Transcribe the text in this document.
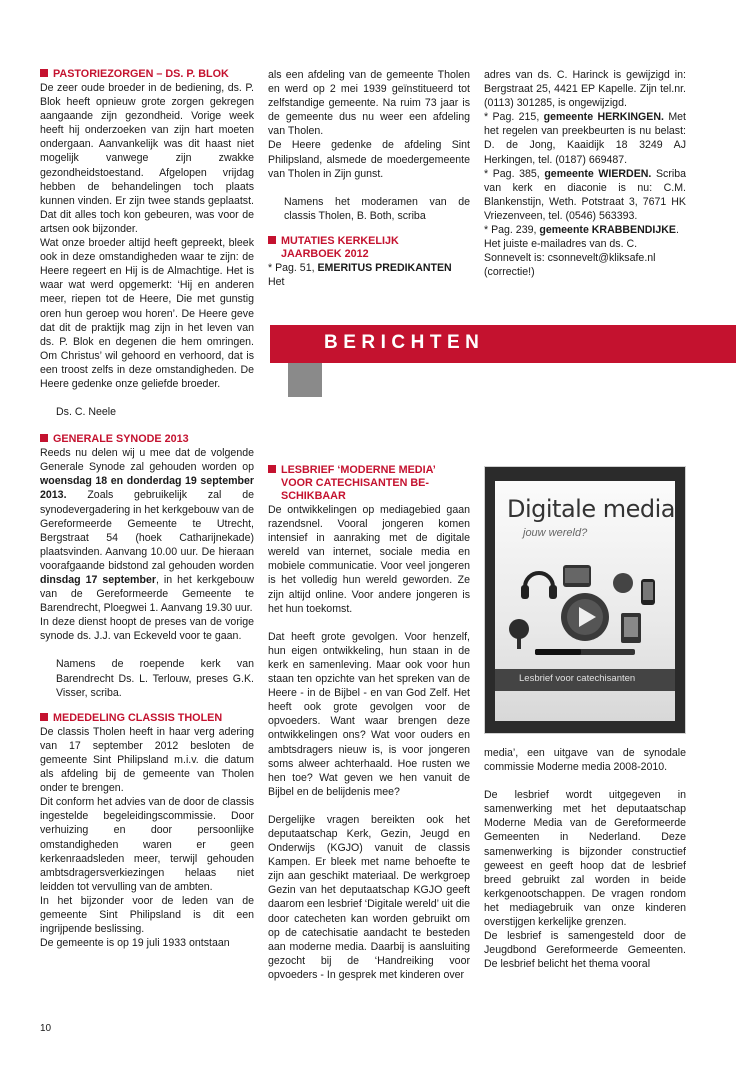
PASTORIEZORGEN – DS. P. BLOK

De zeer oude broeder in de bediening, ds. P. Blok heeft opnieuw grote zorgen gekregen aangaande zijn gezondheid. Vorige week heeft hij onderzoeken van zijn hart moeten ondergaan. Aanvankelijk was dit haast niet mogelijk vanwege zijn zwakke gezondheidstoestand. Afgelopen vrijdag hebben de behandelingen toch plaats kunnen vinden. Er zijn twee stands geplaatst. Dat dit alles toch kon gebeuren, was voor de artsen ook bijzonder.

Wat onze broeder altijd heeft gepreekt, bleek ook in deze omstandigheden waar te zijn: de Heere regeert en Hij is de Almachtige. Het is waar wat werd opgemerkt: ‘Hij en anderen meer, riepen tot de Heere, Die met gunstig oren hun geroep wou horen’. De Heere geve dat dit de praktijk mag zijn in het leven van ds. P. Blok en degenen die hem omringen. Om Christus’ wil gehoord en verhoord, dat is een troost zelfs in deze omstandigheden. De Heere gedenke onze geliefde broeder.

Ds. C. Neele

GENERALE SYNODE 2013

Reeds nu delen wij u mee dat de volgende Generale Synode zal gehouden worden op woensdag 18 en donderdag 19 september 2013. Zoals gebruikelijk zal de synodevergadering in het kerkgebouw van de Gereformeerde Gemeente te Utrecht, Bergstraat 54 (hoek Catharijnekade) plaatsvinden. Aanvang 10.00 uur. De hieraan voorafgaande bidstond zal gehouden worden dinsdag 17 september, in het kerkgebouw van de Gereformeerde Gemeente te Barendrecht, Ploegwei 1. Aanvang 19.30 uur.

In deze dienst hoopt de preses van de vorige synode ds. J.J. van Eckeveld voor te gaan.

Namens de roepende kerk van Barendrecht Ds. L. Terlouw, preses G.K. Visser, scriba.

MEDEDELING CLASSIS THOLEN

De classis Tholen heeft in haar verg adering van 17 september 2012 besloten de gemeente Sint Philipsland m.i.v. die datum als afdeling bij de gemeente van Tholen onder te brengen.

Dit conform het advies van de door de classis ingestelde begeleidingscommissie. Door verhuizing en door persoonlijke omstandigheden waren er geen kerkenraadsleden meer, terwijl gehouden ambtsdragersverkiezingen helaas niet leidden tot vervulling van de ambten.

In het bijzonder voor de leden van de gemeente Sint Philipsland is dit een ingrijpende beslissing.

De gemeente is op 19 juli 1933 ontstaan

als een afdeling van de gemeente Tholen en werd op 2 mei 1939 geïnstitueerd tot zelfstandige gemeente. Na ruim 73 jaar is de gemeente dus nu weer een afdeling van Tholen.

De Heere gedenke de afdeling Sint Philipsland, alsmede de moedergemeente van Tholen in Zijn gunst.

Namens het moderamen van de classis Tholen, B. Both, scriba

MUTATIES KERKELIJK
JAARBOEK 2012

* Pag. 51, EMERITUS PREDIKANTEN Het

adres van ds. C. Harinck is gewijzigd in: Bergstraat 25, 4421 EP Kapelle. Zijn tel.nr. (0113) 301285, is ongewijzigd.

* Pag. 215, gemeente HERKINGEN. Met het regelen van preekbeurten is nu belast: D. de Jong, Kaaidijk 18 3249 AJ Herkingen, tel. (0187) 669487.

* Pag. 385, gemeente WIERDEN. Scriba van kerk en diaconie is nu: C.M. Blankenstijn, Weth. Potstraat 3, 7671 HK Vriezenveen, tel. (0546) 563393.

* Pag. 239, gemeente KRABBENDIJKE.

Het juiste e-mailadres van ds. C. Sonnevelt is: csonnevelt@kliksafe.nl (correctie!)

BERICHTEN
LESBRIEF ‘MODERNE MEDIA’
VOOR CATECHISANTEN BE-
SCHIKBAAR

De ontwikkelingen op mediagebied gaan razendsnel. Vooral jongeren komen intensief in aanraking met de digitale wereld van internet, sociale media en mobiele communicatie. Voor veel jongeren is het volledig hun wereld geworden. Ze zijn altijd online. Voor andere jongeren is het hun toekomst.

Dat heeft grote gevolgen. Voor henzelf, hun eigen ontwikkeling, hun staan in de kerk en samenleving. Maar ook voor hun staan ten opzichte van het spreken van de Heere - in de Bijbel - en van God Zelf. Het heeft ook grote gevolgen voor de opvoeders. Want waar brengen deze ontwikkelingen ons? Wat voor ouders en ambtsdragers nieuw is, is voor jongeren soms alweer achterhaald. Hoe rusten we hen toe? Wat geven we hen vanuit de Bijbel en de belijdenis mee?

Dergelijke vragen bereikten ook het deputaatschap Kerk, Gezin, Jeugd en Onderwijs (KGJO) vanuit de classis Kampen. Er bleek met name behoefte te zijn aan geschikt materiaal. De werkgroep Gezin van het deputaatschap KGJO geeft daarom een lesbrief ‘Digitale wereld’ uit die door catecheten kan worden gebruikt om op de catechisatie aandacht te besteden aan moderne media. Daarbij is aansluiting gezocht bij de ‘Handreiking voor opvoeders - In gesprek met kinderen over

Digitale media
jouw wereld?
Lesbrief voor catechisanten

media’, een uitgave van de synodale commissie Moderne media 2008-2010.

De lesbrief wordt uitgegeven in samenwerking met het deputaatschap Moderne Media van de Gereformeerde Gemeenten in Nederland. Deze samenwerking is bijzonder constructief geweest en geeft hoop dat de lesbrief breed gebruikt zal worden in beide kerkgenootschappen. De vragen rondom het mediagebruik van onze kinderen overstijgen kerkelijke grenzen.

De lesbrief is samengesteld door de Jeugdbond Gereformeerde Gemeenten. De lesbrief belicht het thema vooral

10
